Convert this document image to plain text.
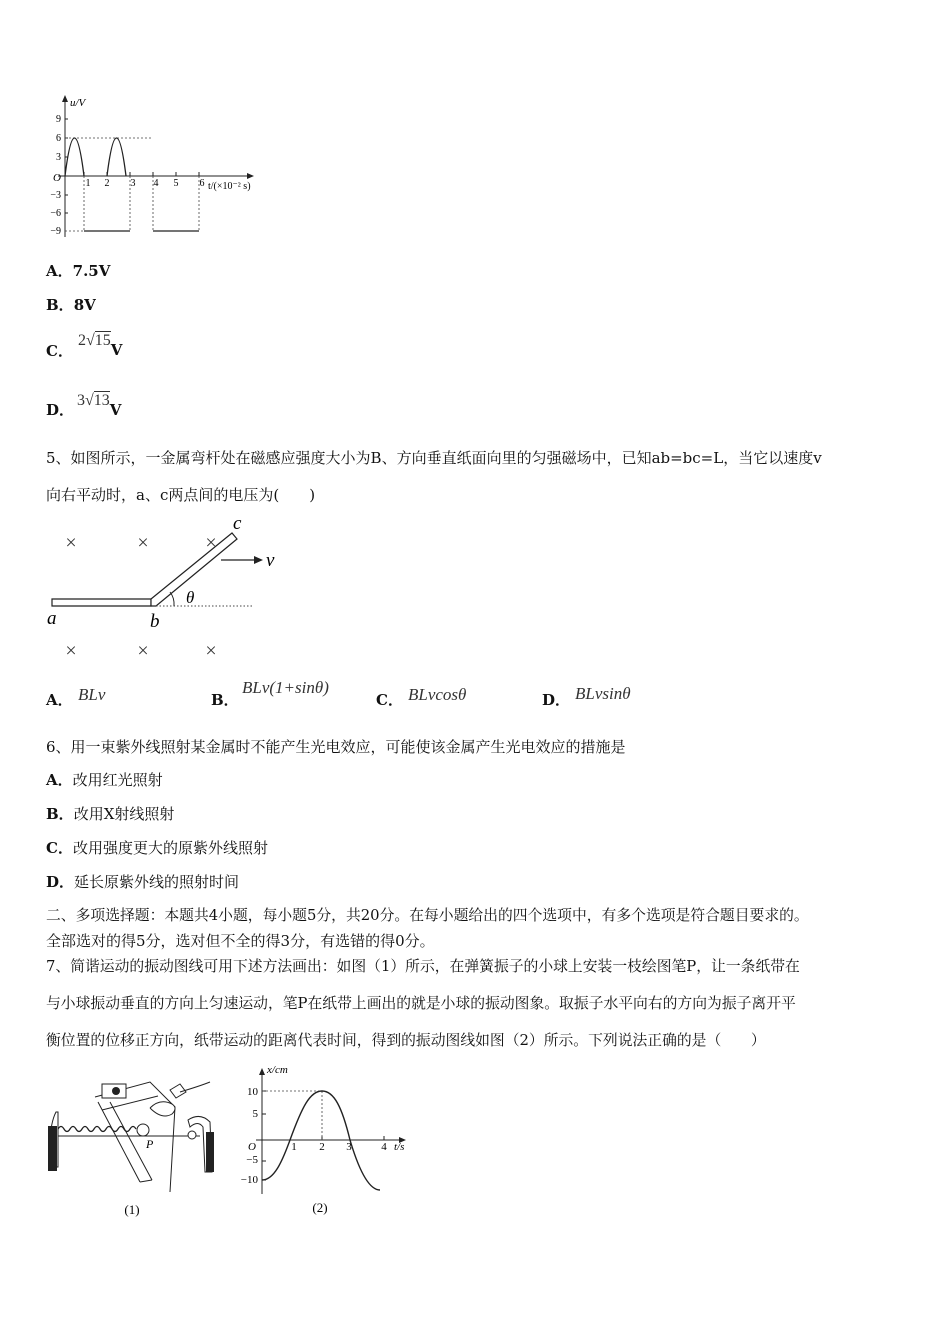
u/V
t/(×10⁻² s)
O
9
6
3
−3
−6
−9
1 2 3 4 5 6
A．7.5V
B．8V
C．
2√15V
D．
3√13V
5、如图所示，一金属弯杆处在磁感应强度大小为B、方向垂直纸面向里的匀强磁场中，已知ab=bc=L，当它以速度v
向右平动时，a、c两点间的电压为(　　)
×	×	×
×	×	×
θ
v
a	b
c
A． BLv	B．
BLv(1+sinθ)
C． BLvcosθ	D． BLvsinθ
6、用一束紫外线照射某金属时不能产生光电效应，可能使该金属产生光电效应的措施是
A．改用红光照射
B．改用X射线照射
C．改用强度更大的原紫外线照射
D．延长原紫外线的照射时间
二、多项选择题：本题共4小题，每小题5分，共20分。在每小题给出的四个选项中，有多个选项是符合题目要求的。
全部选对的得5分，选对但不全的得3分，有选错的得0分。
7、简谐运动的振动图线可用下述方法画出：如图（1）所示，在弹簧振子的小球上安装一枝绘图笔P，让一条纸带在
与小球振动垂直的方向上匀速运动，笔P在纸带上画出的就是小球的振动图象。取振子水平向右的方向为振子离开平
衡位置的位移正方向，纸带运动的距离代表时间，得到的振动图线如图（2）所示。下列说法正确的是（　　）
P
(1)
x/cm
t/s
O
10
5
−5
−10
1 2 3	4
(2)
